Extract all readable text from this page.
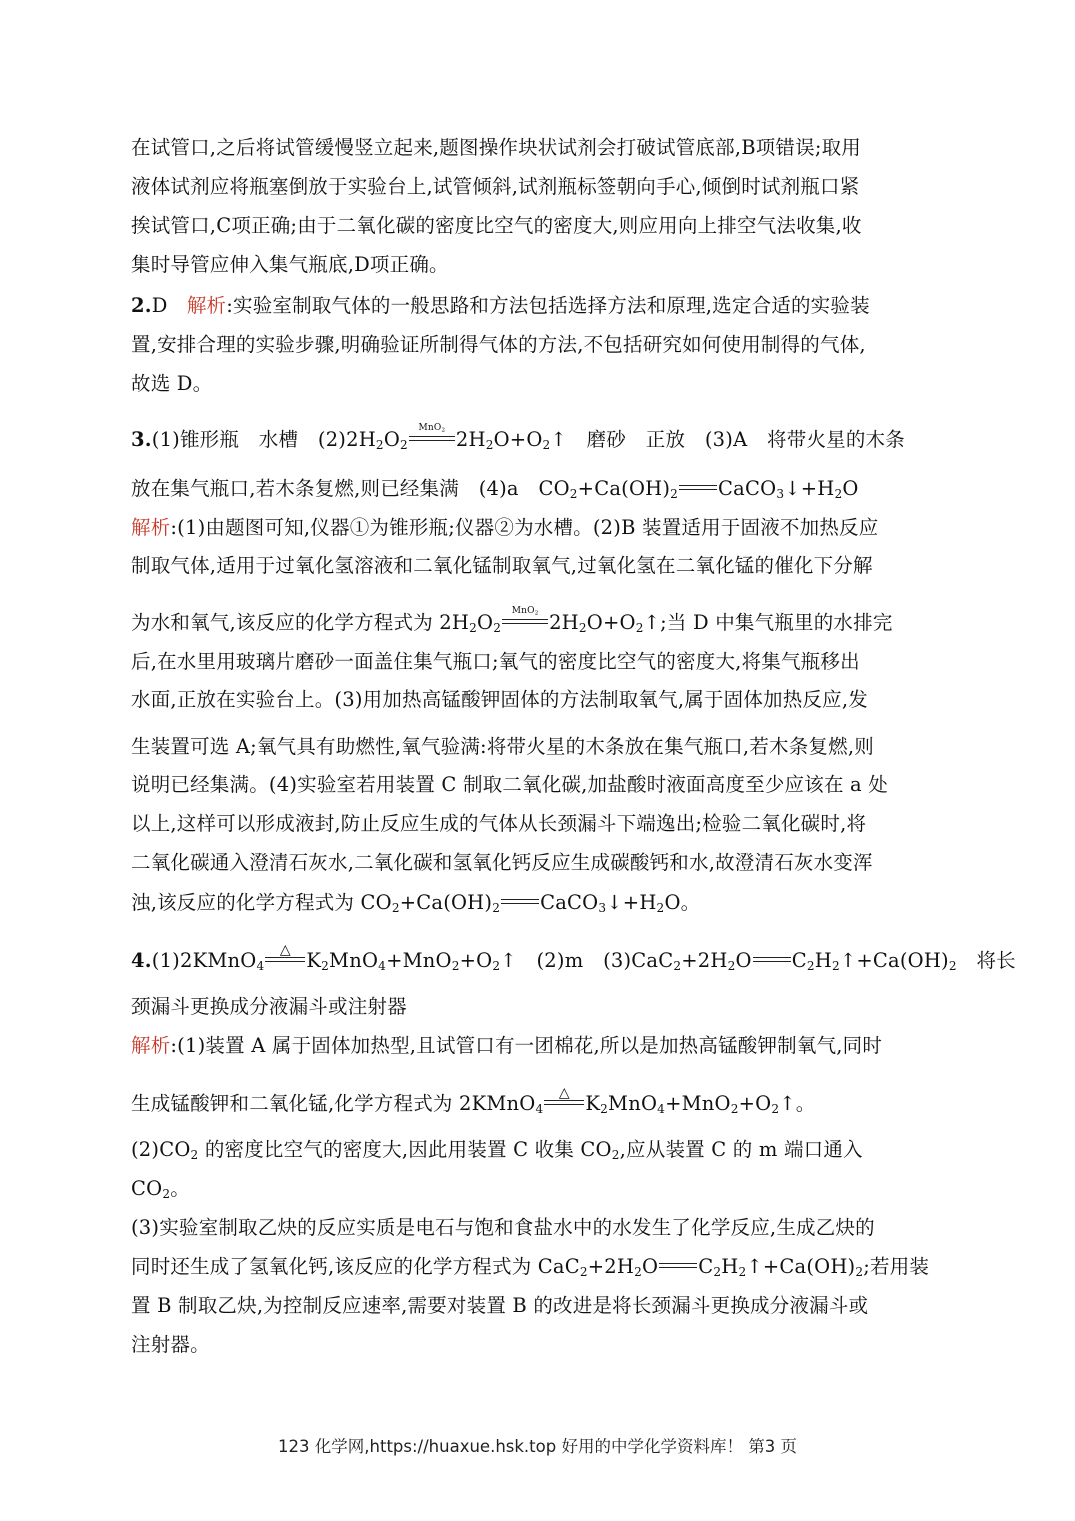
在试管口,之后将试管缓慢竖立起来,题图操作块状试剂会打破试管底部,B项错误;取用
液体试剂应将瓶塞倒放于实验台上,试管倾斜,试剂瓶标签朝向手心,倾倒时试剂瓶口紧
挨试管口,C项正确;由于二氧化碳的密度比空气的密度大,则应用向上排空气法收集,收
集时导管应伸入集气瓶底,D项正确。
2.D 解析:实验室制取气体的一般思路和方法包括选择方法和原理,选定合适的实验装
置,安排合理的实验步骤,明确验证所制得气体的方法,不包括研究如何使用制得的气体,
故选 D。
3.(1)锥形瓶　水槽　$(2)2H_2O_2$
MnO$_2$ $2H_2O+O_2↑$　磨砂　正放　(3)A　将带火星的木条
放在集气瓶口,若木条复燃,则已经集满　(4)a　$CO_2+Ca(OH)_2$ $CaCO_3↓+H_2O$
解析:(1)由题图可知,仪器①为锥形瓶;仪器②为水槽。(2)B 装置适用于固液不加热反应
制取气体,适用于过氧化氢溶液和二氧化锰制取氧气,过氧化氢在二氧化锰的催化下分解
为水和氧气,该反应的化学方程式为 $2H_2O_2$
MnO$_2$ $2H_2O+O_2↑$;当 D 中集气瓶里的水排完
后,在水里用玻璃片磨砂一面盖住集气瓶口;氧气的密度比空气的密度大,将集气瓶移出
水面,正放在实验台上。(3)用加热高锰酸钾固体的方法制取氧气,属于固体加热反应,发
生装置可选 A;氧气具有助燃性,氧气验满:将带火星的木条放在集气瓶口,若木条复燃,则
说明已经集满。(4)实验室若用装置 C 制取二氧化碳,加盐酸时液面高度至少应该在 a 处
以上,这样可以形成液封,防止反应生成的气体从长颈漏斗下端逸出;检验二氧化碳时,将
二氧化碳通入澄清石灰水,二氧化碳和氢氧化钙反应生成碳酸钙和水,故澄清石灰水变浑
浊,该反应的化学方程式为 $CO_2+Ca(OH)_2$ $CaCO_3↓+H_2O$。
4.(1)2KMnO$_4$
△ $K_2MnO_4+MnO_2+O_2↑$　(2)m　$(3)CaC_2+2H_2O$ $C_2H_2↑+Ca(OH)_2$　将长
颈漏斗更换成分液漏斗或注射器
解析:(1)装置 A 属于固体加热型,且试管口有一团棉花,所以是加热高锰酸钾制氧气,同时
生成锰酸钾和二氧化锰,化学方程式为 2KMnO$_4$
△ $K_2MnO_4+MnO_2+O_2↑$。
$(2)CO_2$ 的密度比空气的密度大,因此用装置 C 收集 $CO_2$,应从装置 C 的 m 端口通入
$CO_2$。
(3)实验室制取乙炔的反应实质是电石与饱和食盐水中的水发生了化学反应,生成乙炔的
同时还生成了氢氧化钙,该反应的化学方程式为 $CaC_2+2H_2O$ $C_2H_2↑+Ca(OH)_2$;若用装
置 B 制取乙炔,为控制反应速率,需要对装置 B 的改进是将长颈漏斗更换成分液漏斗或
注射器。
123 化学网,https://huaxue.hsk.top 好用的中学化学资料库！ 第3 页
